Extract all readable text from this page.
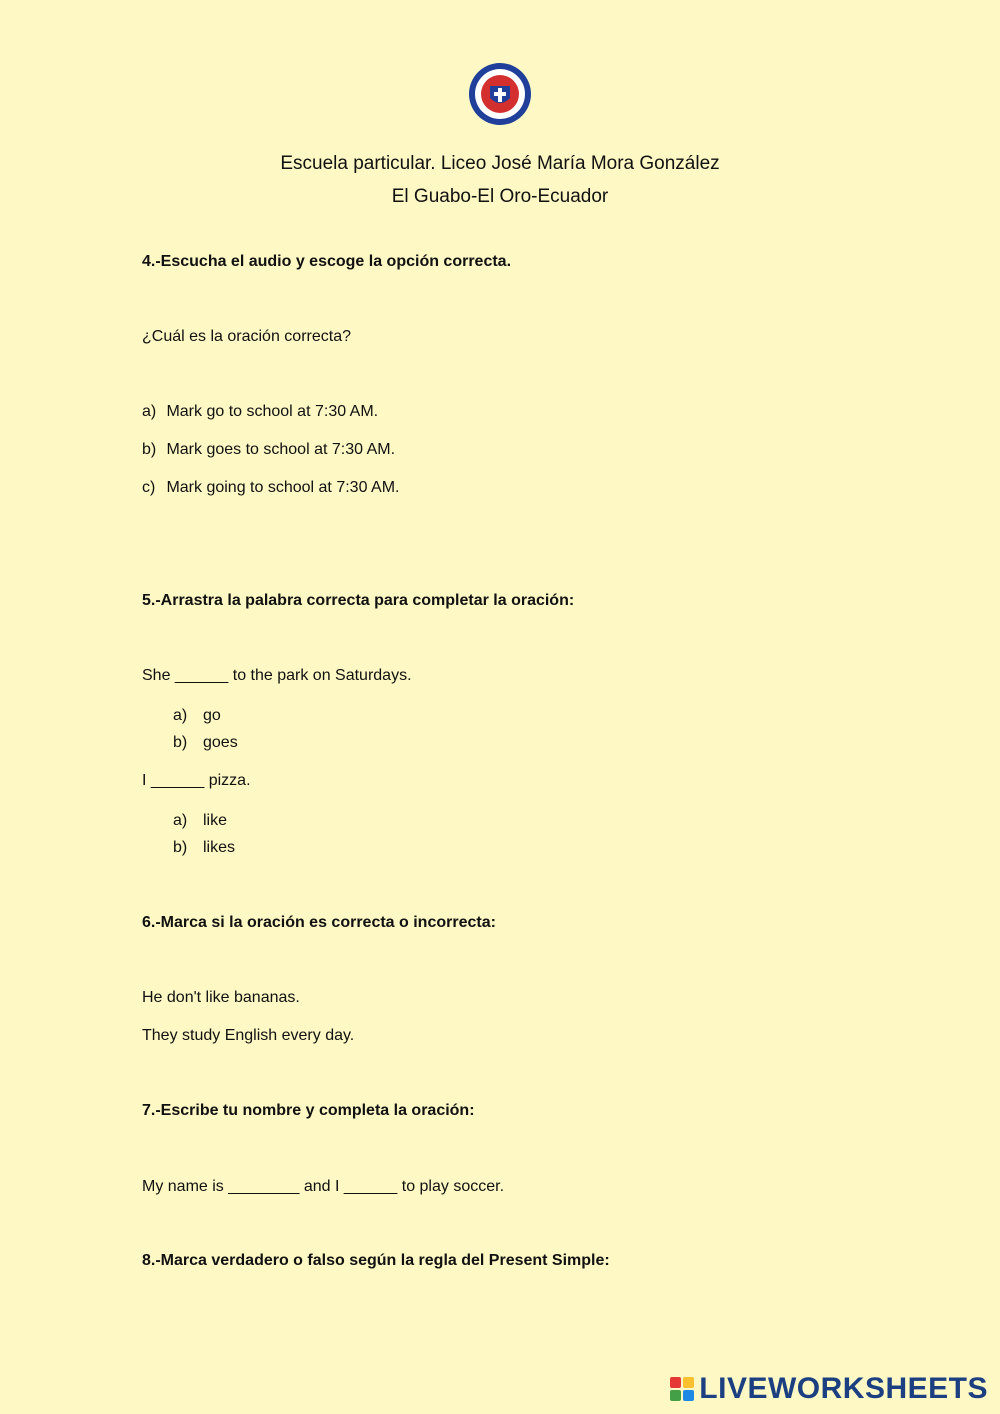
Escuela particular. Liceo José María Mora González
El Guabo-El Oro-Ecuador
4.-Escucha el audio y escoge la opción correcta.
¿Cuál es la oración correcta?
a) Mark go to school at 7:30 AM.
b) Mark goes to school at 7:30 AM.
c) Mark going to school at 7:30 AM.
5.-Arrastra la palabra correcta para completar la oración:
She ______ to the park on Saturdays.
a) go
b) goes
I ______ pizza.
a) like
b) likes
6.-Marca si la oración es correcta o incorrecta:
He don't like bananas.
They study English every day.
7.-Escribe tu nombre y completa la oración:
My name is ________ and I ______ to play soccer.
8.-Marca verdadero o falso según la regla del Present Simple:
LIVEWORKSHEETS
